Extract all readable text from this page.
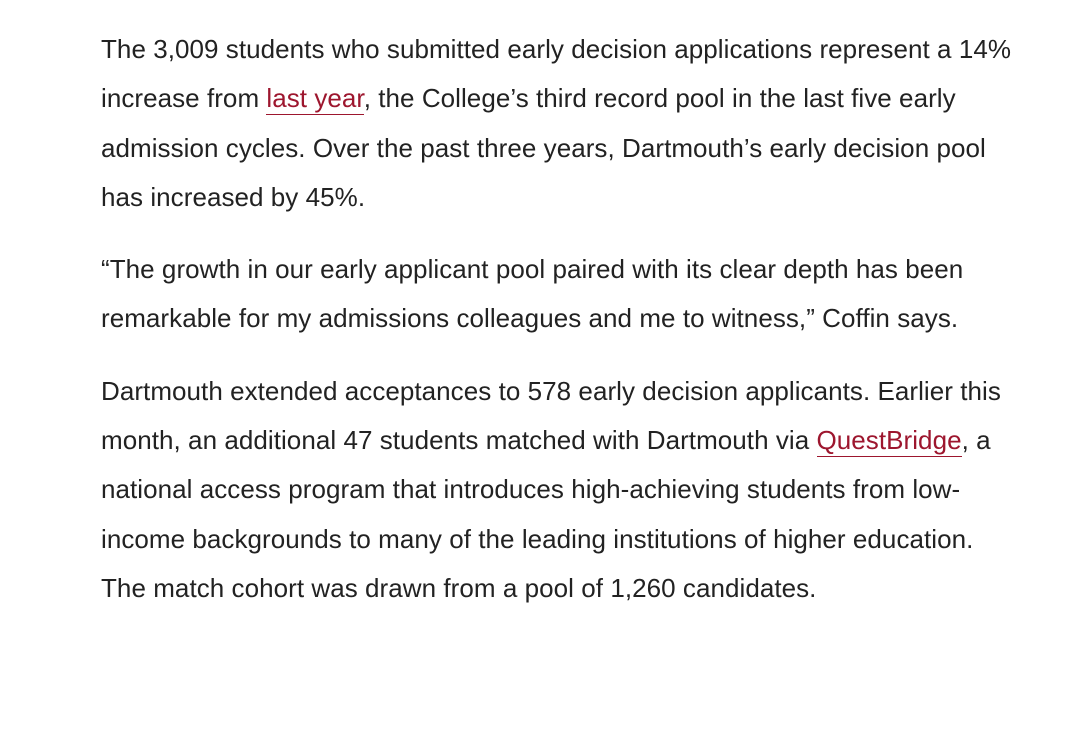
The 3,009 students who submitted early decision applications represent a 14% increase from last year, the College’s third record pool in the last five early admission cycles. Over the past three years, Dartmouth’s early decision pool has increased by 45%.

“The growth in our early applicant pool paired with its clear depth has been remarkable for my admissions colleagues and me to witness,” Coffin says.

Dartmouth extended acceptances to 578 early decision applicants. Earlier this month, an additional 47 students matched with Dartmouth via QuestBridge, a national access program that introduces high-achieving students from low-income backgrounds to many of the leading institutions of higher education. The match cohort was drawn from a pool of 1,260 candidates.
